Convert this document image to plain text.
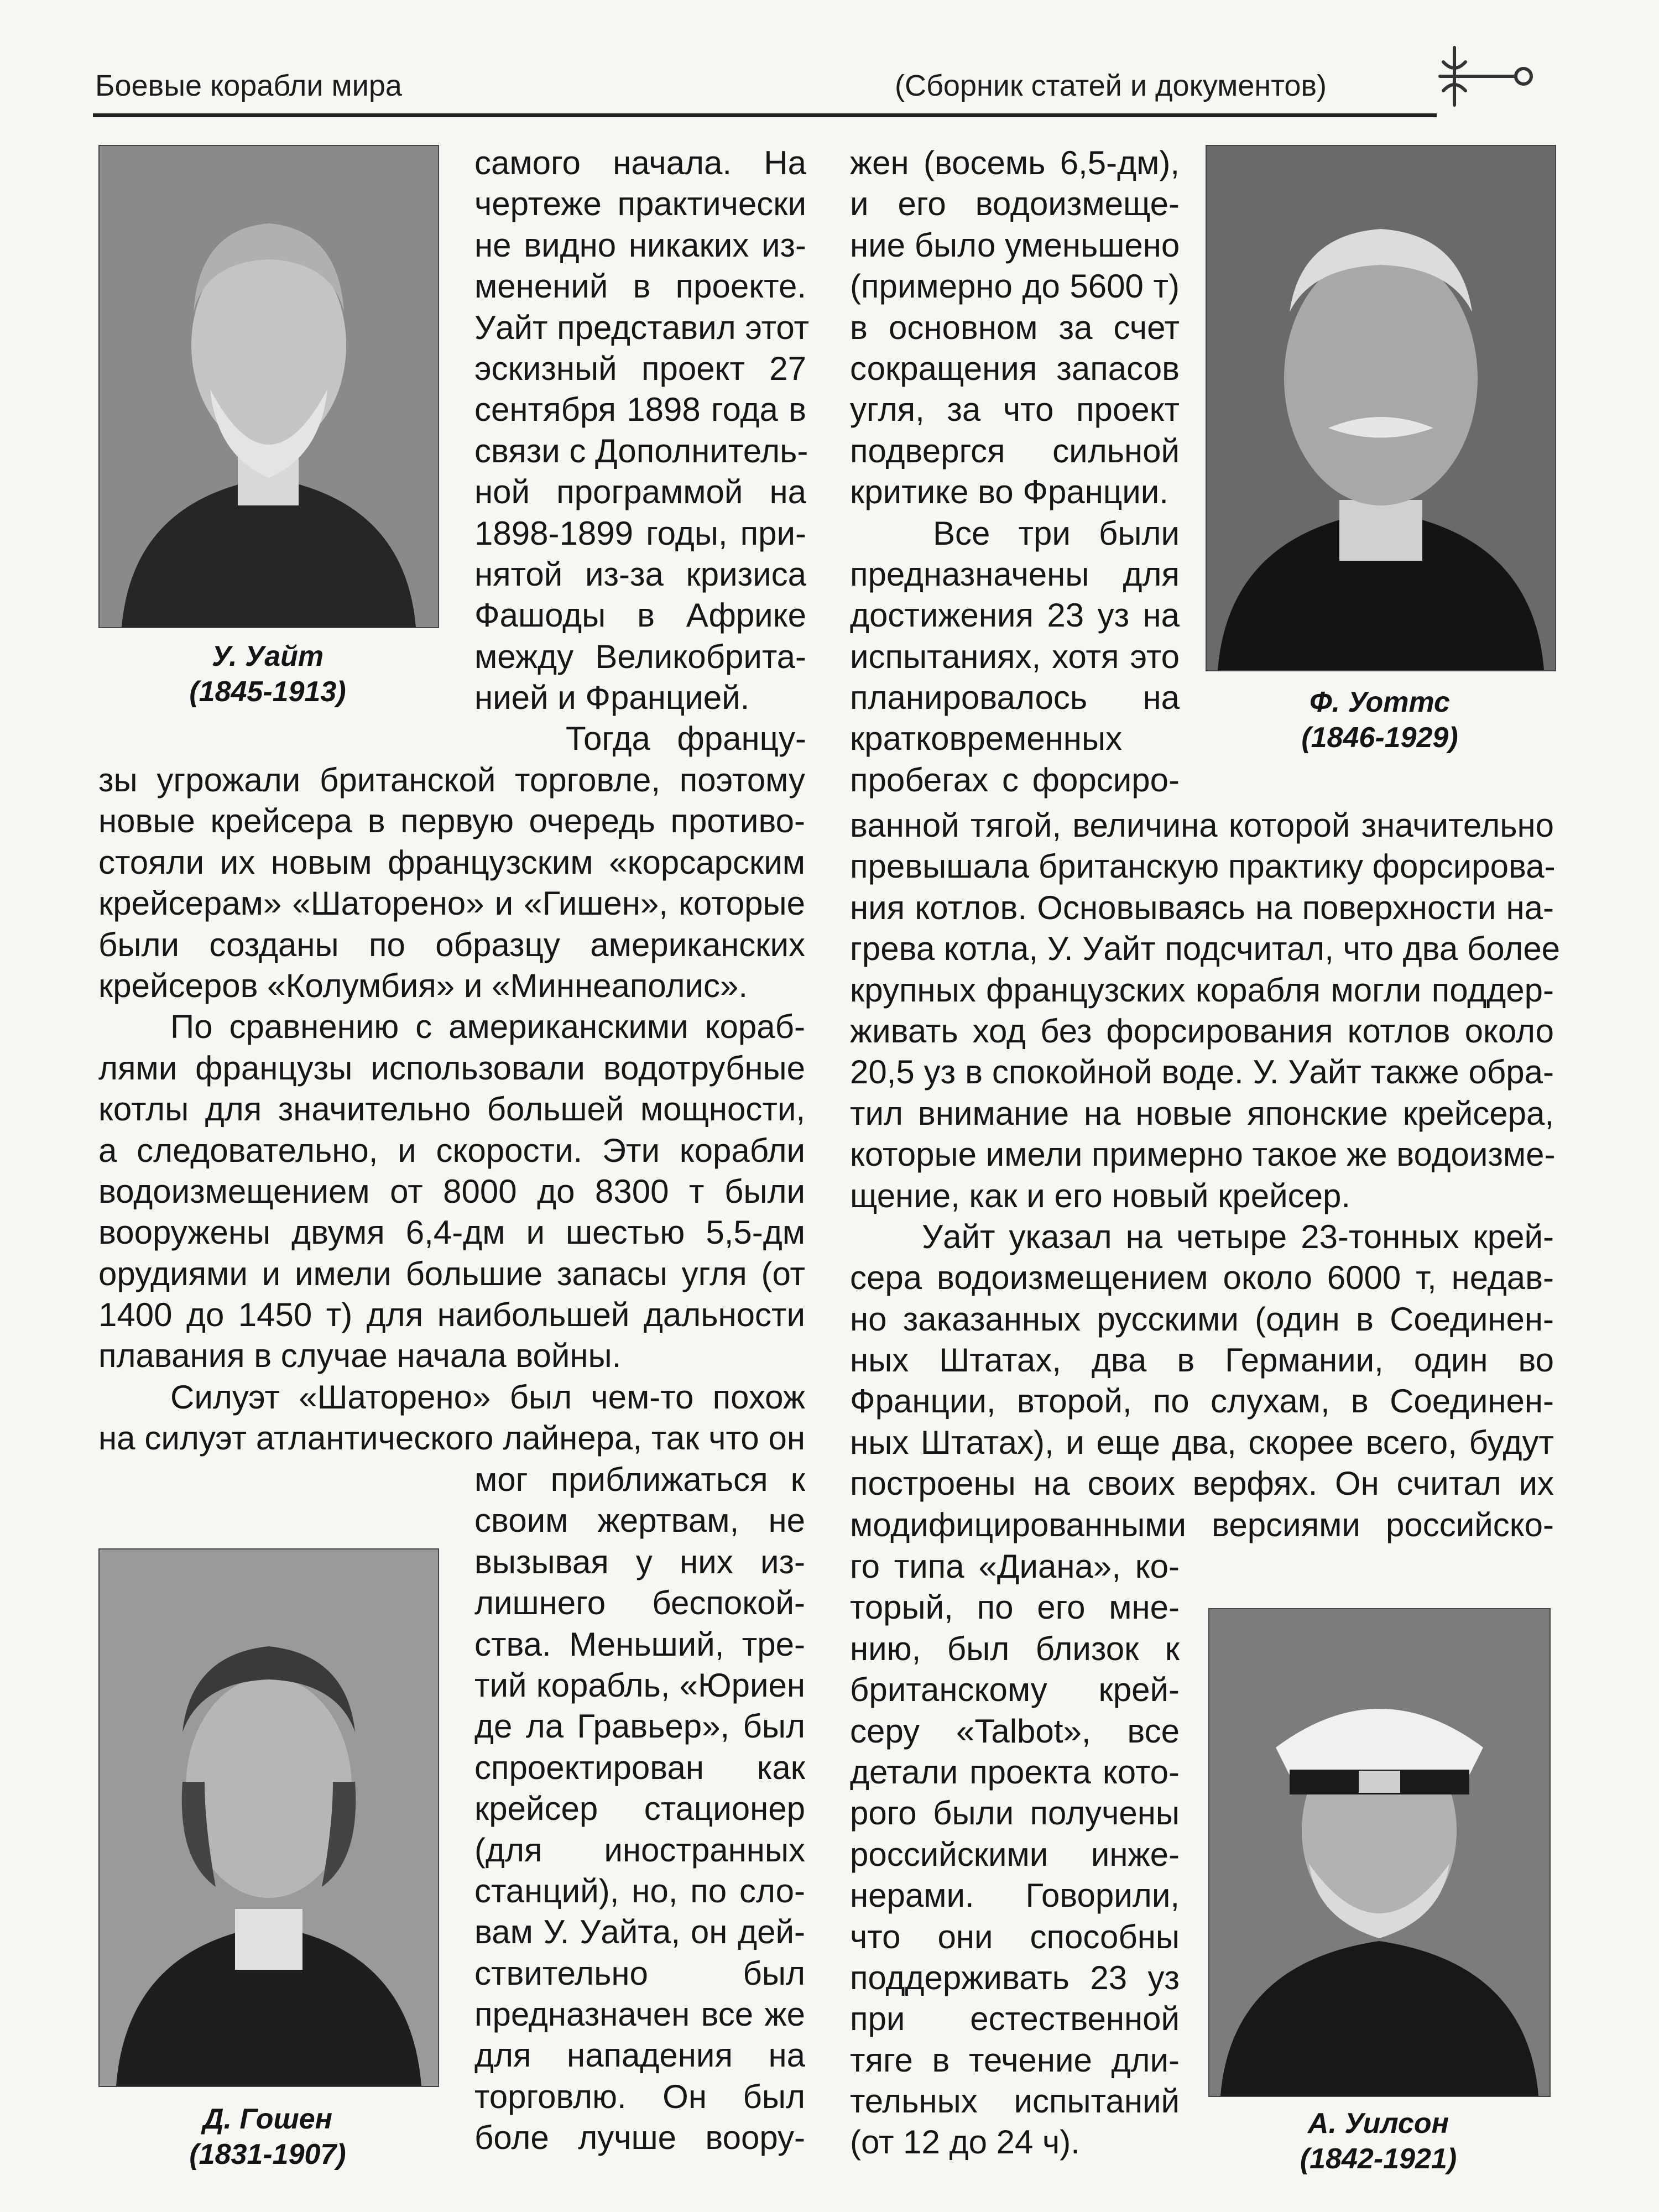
Боевые корабли мира	(Сборник статей и документов)
У. Уайт
(1845-1913)	Ф. Уоттс
(1846-1929)
Д. Гошен
(1831-1907)
А. Уилсон
(1842-1921)
самого начала. На
чертеже практически
не видно никаких из-
менений в проекте.
Уайт представил этот
эскизный проект 27
сентября 1898 года в
связи с Дополнитель-
ной программой на
1898-1899 годы, при-
нятой из-за кризиса
Фашоды в Африке
между Великобрита-
нией и Францией.
Тогда францу-
жен (восемь 6,5-дм),
и его водоизмеще-
ние было уменьшено
(примерно до 5600 т)
в основном за счет
сокращения запасов
угля, за что проект
подвергся сильной
критике во Франции.
Все три были
предназначены для
достижения 23 уз на
испытаниях, хотя это
планировалось на
кратковременных
пробегах с форсиро-
зы угрожали британской торговле, поэтому
новые крейсера в первую очередь противо-
стояли их новым французским «корсарским
крейсерам» «Шаторено» и «Гишен», которые
были созданы по образцу американских
крейсеров «Колумбия» и «Миннеаполис».
По сравнению с американскими кораб-
лями французы использовали водотрубные
котлы для значительно большей мощности,
а следовательно, и скорости. Эти корабли
водоизмещением от 8000 до 8300 т были
вооружены двумя 6,4-дм и шестью 5,5-дм
орудиями и имели большие запасы угля (от
1400 до 1450 т) для наибольшей дальности
плавания в случае начала войны.
Силуэт «Шаторено» был чем-то похож
на силуэт атлантического лайнера, так что он
мог приближаться к
своим жертвам, не
вызывая у них из-
лишнего беспокой-
ства. Меньший, тре-
тий корабль, «Юриен
де ла Гравьер», был
спроектирован как
крейсер стационер
(для иностранных
станций), но, по сло-
вам У. Уайта, он дей-
ствительно был
предназначен все же
для нападения на
торговлю. Он был
боле лучше воору-
ванной тягой, величина которой значительно
превышала британскую практику форсирова-
ния котлов. Основываясь на поверхности на-
грева котла, У. Уайт подсчитал, что два более
крупных французских корабля могли поддер-
живать ход без форсирования котлов около
20,5 уз в спокойной воде. У. Уайт также обра-
тил внимание на новые японские крейсера,
которые имели примерно такое же водоизме-
щение, как и его новый крейсер.
Уайт указал на четыре 23-тонных крей-
сера водоизмещением около 6000 т, недав-
но заказанных русскими (один в Соединен-
ных Штатах, два в Германии, один во
Франции, второй, по слухам, в Соединен-
ных Штатах), и еще два, скорее всего, будут
построены на своих верфях. Он считал их
модифицированными версиями российско-
го типа «Диана», ко-
торый, по его мне-
нию, был близок к
британскому крей-
серу «Talbot», все
детали проекта кото-
рого были получены
российскими инже-
нерами. Говорили,
что они способны
поддерживать 23 уз
при естественной
тяге в течение дли-
тельных испытаний
(от 12 до 24 ч).
